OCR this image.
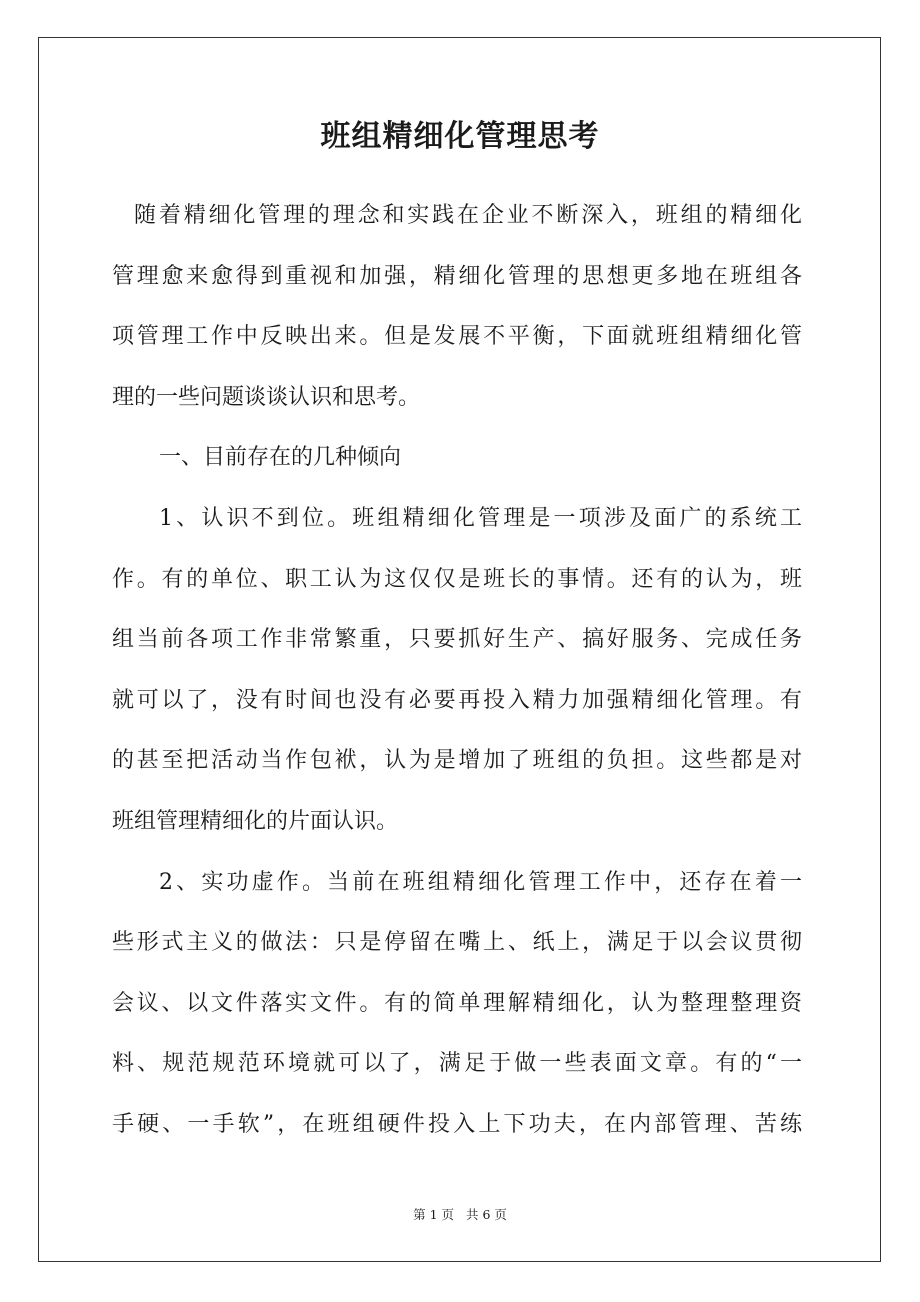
班组精细化管理思考
随着精细化管理的理念和实践在企业不断深入，班组的精细化
管理愈来愈得到重视和加强，精细化管理的思想更多地在班组各
项管理工作中反映出来。但是发展不平衡，下面就班组精细化管
理的一些问题谈谈认识和思考。
一、目前存在的几种倾向
1、认识不到位。班组精细化管理是一项涉及面广的系统工
作。有的单位、职工认为这仅仅是班长的事情。还有的认为，班
组当前各项工作非常繁重，只要抓好生产、搞好服务、完成任务
就可以了，没有时间也没有必要再投入精力加强精细化管理。有
的甚至把活动当作包袱，认为是增加了班组的负担。这些都是对
班组管理精细化的片面认识。
2、实功虚作。当前在班组精细化管理工作中，还存在着一
些形式主义的做法：只是停留在嘴上、纸上，满足于以会议贯彻
会议、以文件落实文件。有的简单理解精细化，认为整理整理资
料、规范规范环境就可以了，满足于做一些表面文章。有的“一
手硬、一手软”，在班组硬件投入上下功夫，在内部管理、苦练
第 1 页 共 6 页
